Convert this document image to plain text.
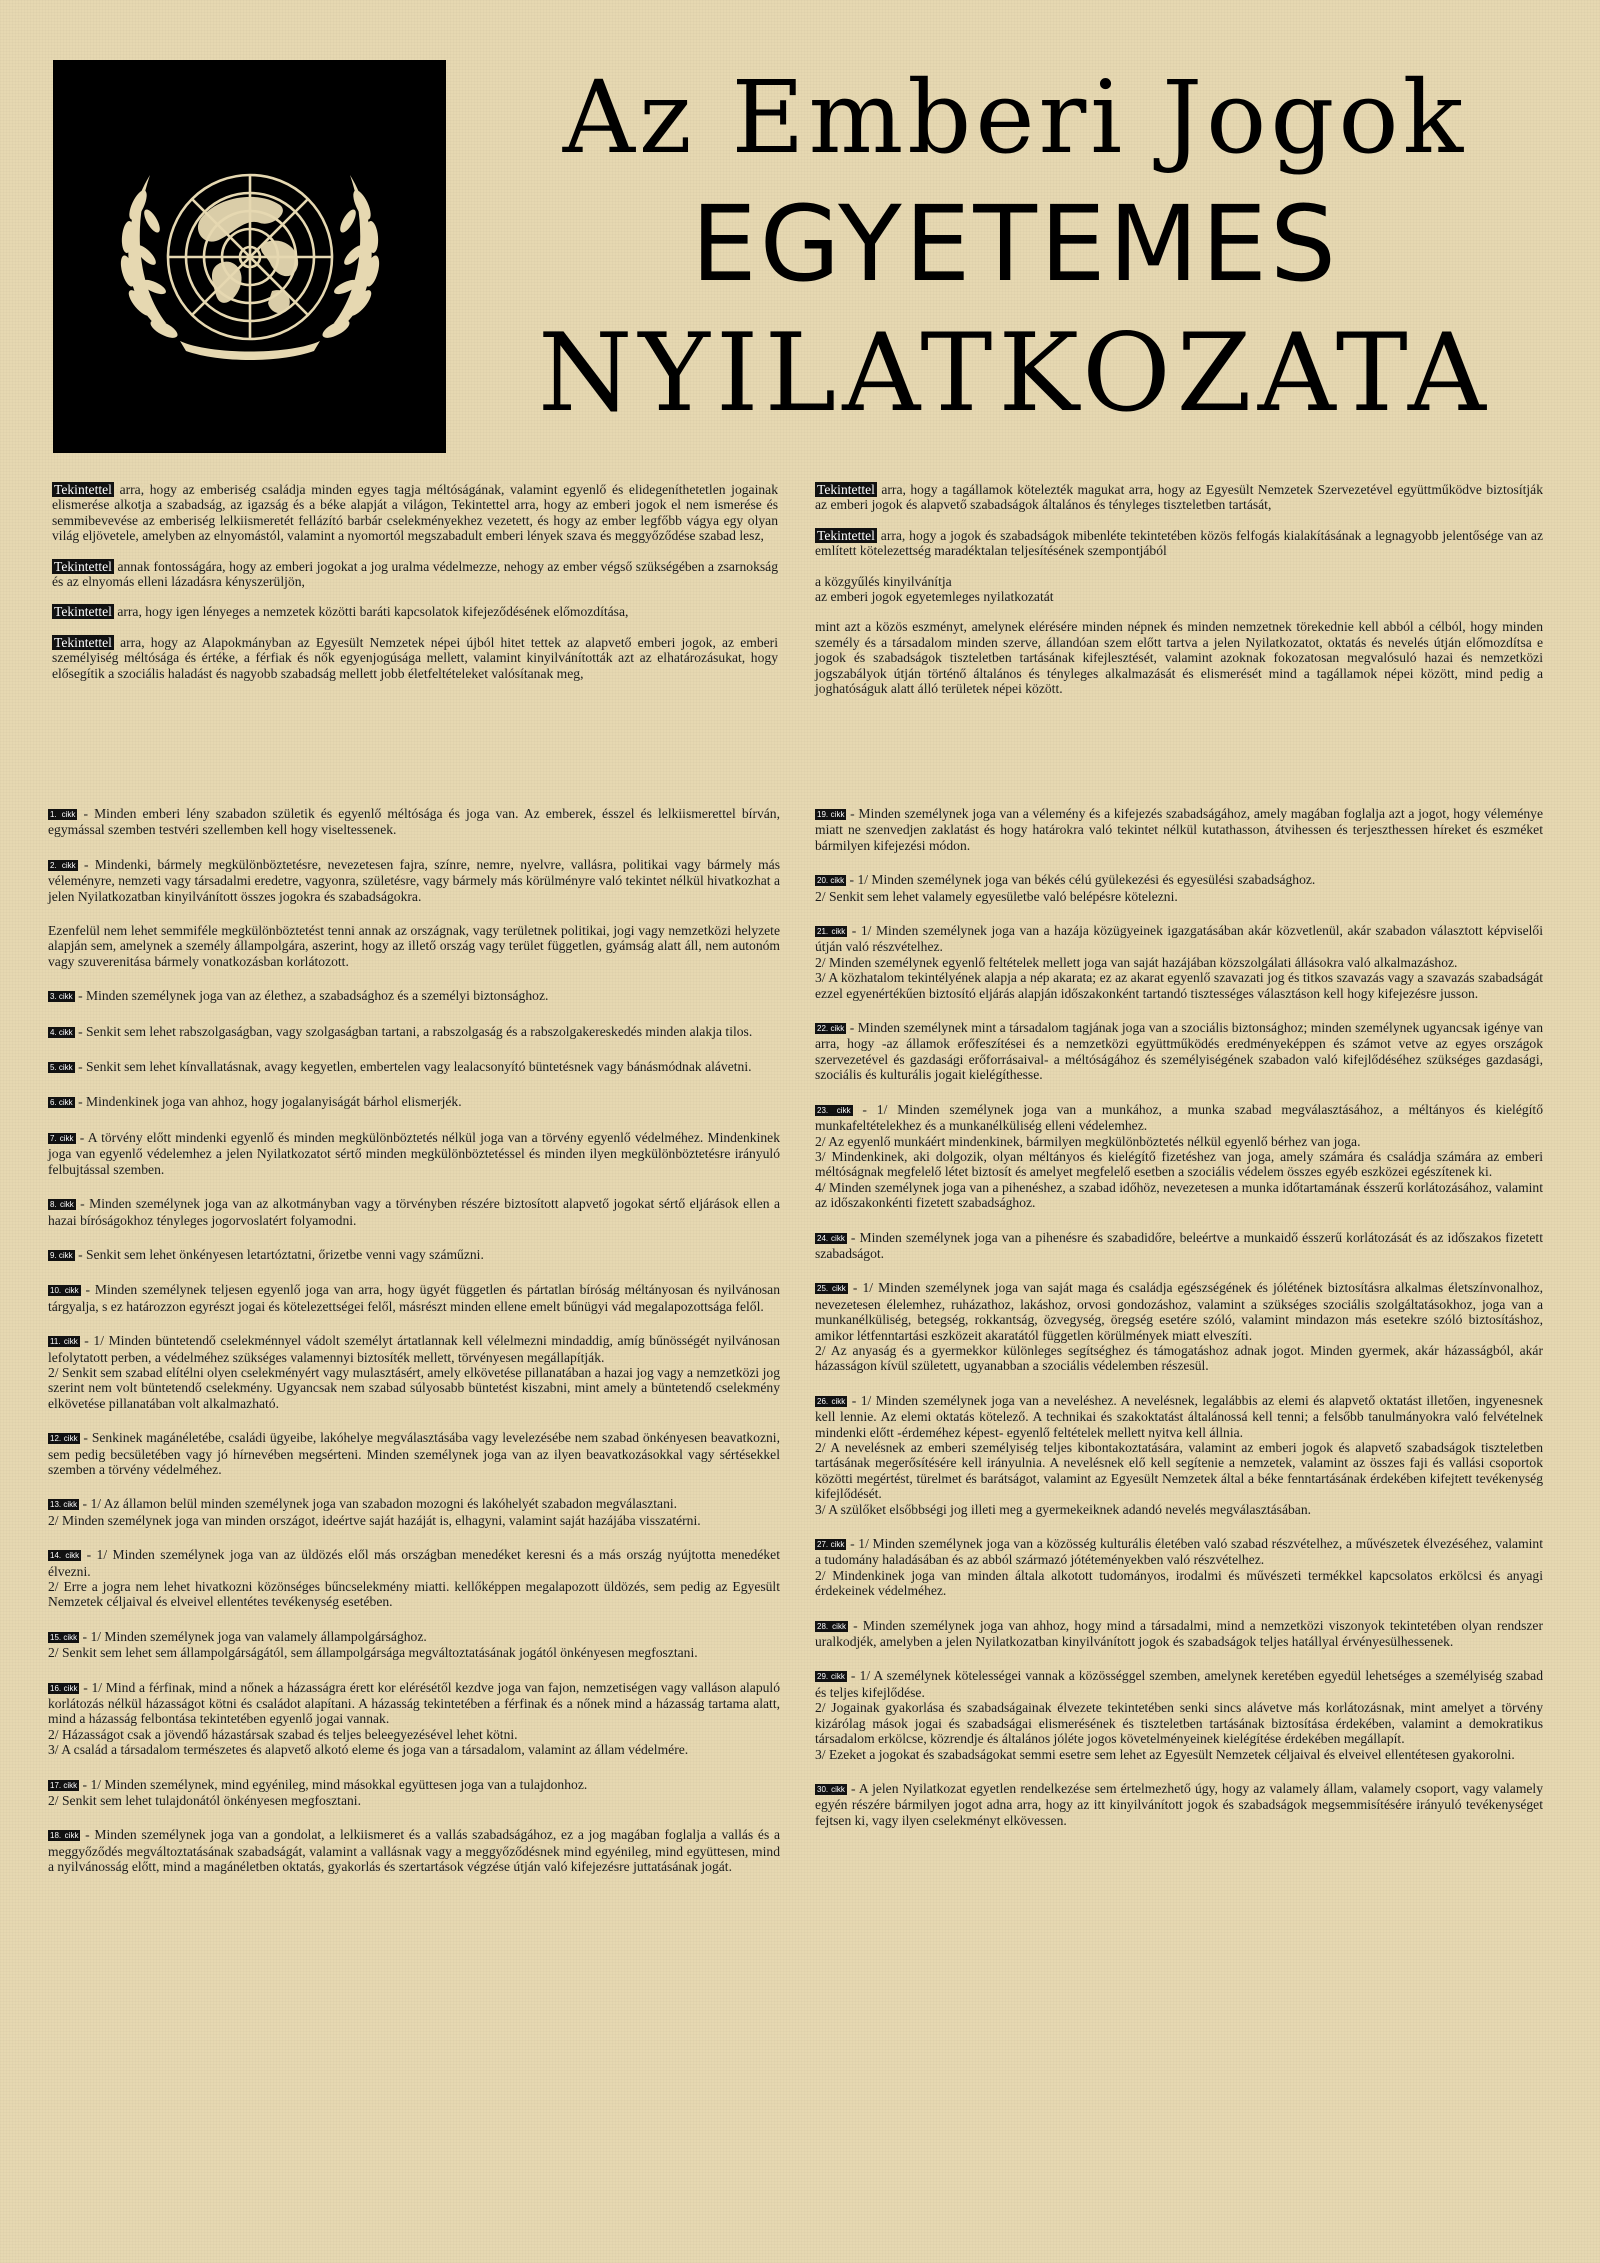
Az Emberi Jogok
EGYETEMES
NYILATKOZATA

Tekintettel arra, hogy az emberiség családja minden egyes tagja méltóságának, valamint egyenlő és elidegeníthetetlen jogainak elismerése alkotja a szabadság, az igazság és a béke alapját a világon, Tekintettel arra, hogy az emberi jogok el nem ismerése és semmibevevése az emberiség lelkiismeretét fellázító barbár cselekményekhez vezetett, és hogy az ember legfőbb vágya egy olyan világ eljövetele, amelyben az elnyomástól, valamint a nyomortól megszabadult emberi lények szava és meggyőződése szabad lesz,

Tekintettel annak fontosságára, hogy az emberi jogokat a jog uralma védelmezze, nehogy az ember végső szükségében a zsarnokság és az elnyomás elleni lázadásra kényszerüljön,

Tekintettel arra, hogy igen lényeges a nemzetek közötti baráti kapcsolatok kifejeződésének előmozdítása,

Tekintettel arra, hogy az Alapokmányban az Egyesült Nemzetek népei újból hitet tettek az alapvető emberi jogok, az emberi személyiség méltósága és értéke, a férfiak és nők egyenjogúsága mellett, valamint kinyilvánították azt az elhatározásukat, hogy elősegítik a szociális haladást és nagyobb szabadság mellett jobb életfeltételeket valósítanak meg,

Tekintettel arra, hogy a tagállamok kötelezték magukat arra, hogy az Egyesült Nemzetek Szervezetével együttműködve biztosítják az emberi jogok és alapvető szabadságok általános és tényleges tiszteletben tartását,

Tekintettel arra, hogy a jogok és szabadságok mibenléte tekintetében közös felfogás kialakításának a legnagyobb jelentősége van az említett kötelezettség maradéktalan teljesítésének szempontjából

a közgyűlés kinyilvánítja
az emberi jogok egyetemleges nyilatkozatát

mint azt a közös eszményt, amelynek elérésére minden népnek és minden nemzetnek törekednie kell abból a célból, hogy minden személy és a társadalom minden szerve, állandóan szem előtt tartva a jelen Nyilatkozatot, oktatás és nevelés útján előmozdítsa e jogok és szabadságok tiszteletben tartásának kifejlesztését, valamint azoknak fokozatosan megvalósuló hazai és nemzetközi jogszabályok útján történő általános és tényleges alkalmazását és elismerését mind a tagállamok népei között, mind pedig a joghatóságuk alatt álló területek népei között.

1. cikk - Minden emberi lény szabadon születik és egyenlő méltósága és joga van. Az emberek, ésszel és lelkiismerettel bírván, egymással szemben testvéri szellemben kell hogy viseltessenek.

2. cikk - Mindenki, bármely megkülönböztetésre, nevezetesen fajra, színre, nemre, nyelvre, vallásra, politikai vagy bármely más véleményre, nemzeti vagy társadalmi eredetre, vagyonra, születésre, vagy bármely más körülményre való tekintet nélkül hivatkozhat a jelen Nyilatkozatban kinyilvánított összes jogokra és szabadságokra.

Ezenfelül nem lehet semmiféle megkülönböztetést tenni annak az országnak, vagy területnek politikai, jogi vagy nemzetközi helyzete alapján sem, amelynek a személy állampolgára, aszerint, hogy az illető ország vagy terület független, gyámság alatt áll, nem autonóm vagy szuverenitása bármely vonatkozásban korlátozott.

3. cikk - Minden személynek joga van az élethez, a szabadsághoz és a személyi biztonsághoz.

4. cikk - Senkit sem lehet rabszolgaságban, vagy szolgaságban tartani, a rabszolgaság és a rabszolgakereskedés minden alakja tilos.

5. cikk - Senkit sem lehet kínvallatásnak, avagy kegyetlen, embertelen vagy lealacsonyító büntetésnek vagy bánásmódnak alávetni.

6. cikk - Mindenkinek joga van ahhoz, hogy jogalanyiságát bárhol elismerjék.

7. cikk - A törvény előtt mindenki egyenlő és minden megkülönböztetés nélkül joga van a törvény egyenlő védelméhez. Mindenkinek joga van egyenlő védelemhez a jelen Nyilatkozatot sértő minden megkülönböztetéssel és minden ilyen megkülönböztetésre irányuló felbujtással szemben.

8. cikk - Minden személynek joga van az alkotmányban vagy a törvényben részére biztosított alapvető jogokat sértő eljárások ellen a hazai bíróságokhoz tényleges jogorvoslatért folyamodni.

9. cikk - Senkit sem lehet önkényesen letartóztatni, őrizetbe venni vagy száműzni.

10. cikk - Minden személynek teljesen egyenlő joga van arra, hogy ügyét független és pártatlan bíróság méltányosan és nyilvánosan tárgyalja, s ez határozzon egyrészt jogai és kötelezettségei felől, másrészt minden ellene emelt bűnügyi vád megalapozottsága felől.

11. cikk - 1/ Minden büntetendő cselekménnyel vádolt személyt ártatlannak kell vélelmezni mindaddig, amíg bűnösségét nyilvánosan lefolytatott perben, a védelméhez szükséges valamennyi biztosíték mellett, törvényesen megállapítják.
2/ Senkit sem szabad elítélni olyen cselekményért vagy mulasztásért, amely elkövetése pillanatában a hazai jog vagy a nemzetközi jog szerint nem volt büntetendő cselekmény. Ugyancsak nem szabad súlyosabb büntetést kiszabni, mint amely a büntetendő cselekmény elkövetése pillanatában volt alkalmazható.

12. cikk - Senkinek magánéletébe, családi ügyeibe, lakóhelye megválasztásába vagy levelezésébe nem szabad önkényesen beavatkozni, sem pedig becsületében vagy jó hírnevében megsérteni. Minden személynek joga van az ilyen beavatkozásokkal vagy sértésekkel szemben a törvény védelméhez.

13. cikk - 1/ Az államon belül minden személynek joga van szabadon mozogni és lakóhelyét szabadon megválasztani.
2/ Minden személynek joga van minden országot, ideértve saját hazáját is, elhagyni, valamint saját hazájába visszatérni.

14. cikk - 1/ Minden személynek joga van az üldözés elől más országban menedéket keresni és a más ország nyújtotta menedéket élvezni.
2/ Erre a jogra nem lehet hivatkozni közönséges bűncselekmény miatti. kellőképpen megalapozott üldözés, sem pedig az Egyesült Nemzetek céljaival és elveivel ellentétes tevékenység esetében.

15. cikk - 1/ Minden személynek joga van valamely állampolgársághoz.
2/ Senkit sem lehet sem állampolgárságától, sem állampolgársága megváltoztatásának jogától önkényesen megfosztani.

16. cikk - 1/ Mind a férfinak, mind a nőnek a házasságra érett kor elérésétől kezdve joga van fajon, nemzetiségen vagy valláson alapuló korlátozás nélkül házasságot kötni és családot alapítani. A házasság tekintetében a férfinak és a nőnek mind a házasság tartama alatt, mind a házasság felbontása tekintetében egyenlő jogai vannak.
2/ Házasságot csak a jövendő házastársak szabad és teljes beleegyezésével lehet kötni.
3/ A család a társadalom természetes és alapvető alkotó eleme és joga van a társadalom, valamint az állam védelmére.

17. cikk - 1/ Minden személynek, mind egyénileg, mind másokkal együttesen joga van a tulajdonhoz.
2/ Senkit sem lehet tulajdonától önkényesen megfosztani.

18. cikk - Minden személynek joga van a gondolat, a lelkiismeret és a vallás szabadságához, ez a jog magában foglalja a vallás és a meggyőződés megváltoztatásának szabadságát, valamint a vallásnak vagy a meggyőződésnek mind egyénileg, mind együttesen, mind a nyilvánosság előtt, mind a magánéletben oktatás, gyakorlás és szertartások végzése útján való kifejezésre juttatásának jogát.

19. cikk - Minden személynek joga van a vélemény és a kifejezés szabadságához, amely magában foglalja azt a jogot, hogy véleménye miatt ne szenvedjen zaklatást és hogy határokra való tekintet nélkül kutathasson, átvihessen és terjeszthessen híreket és eszméket bármilyen kifejezési módon.

20. cikk - 1/ Minden személynek joga van békés célú gyülekezési és egyesülési szabadsághoz.
2/ Senkit sem lehet valamely egyesületbe való belépésre kötelezni.

21. cikk - 1/ Minden személynek joga van a hazája közügyeinek igazgatásában akár közvetlenül, akár szabadon választott képviselői útján való részvételhez.
2/ Minden személynek egyenlő feltételek mellett joga van saját hazájában közszolgálati állásokra való alkalmazáshoz.
3/ A közhatalom tekintélyének alapja a nép akarata; ez az akarat egyenlő szavazati jog és titkos szavazás vagy a szavazás szabadságát ezzel egyenértékűen biztosító eljárás alapján időszakonként tartandó tisztességes választáson kell hogy kifejezésre jusson.

22. cikk - Minden személynek mint a társadalom tagjának joga van a szociális biztonsághoz; minden személynek ugyancsak igénye van arra, hogy -az államok erőfeszítései és a nemzetközi együttműködés eredményeképpen és számot vetve az egyes országok szervezetével és gazdasági erőforrásaival- a méltóságához és személyiségének szabadon való kifejlődéséhez szükséges gazdasági, szociális és kulturális jogait kielégíthesse.

23. cikk - 1/ Minden személynek joga van a munkához, a munka szabad megválasztásához, a méltányos és kielégítő munkafeltételekhez és a munkanélküliség elleni védelemhez.
2/ Az egyenlő munkáért mindenkinek, bármilyen megkülönböztetés nélkül egyenlő bérhez van joga.
3/ Mindenkinek, aki dolgozik, olyan méltányos és kielégítő fizetéshez van joga, amely számára és családja számára az emberi méltóságnak megfelelő létet biztosít és amelyet megfelelő esetben a szociális védelem összes egyéb eszközei egészítenek ki.
4/ Minden személynek joga van a pihenéshez, a szabad időhöz, nevezetesen a munka időtartamának ésszerű korlátozásához, valamint az időszakonkénti fizetett szabadsághoz.

24. cikk - Minden személynek joga van a pihenésre és szabadidőre, beleértve a munkaidő ésszerű korlátozását és az időszakos fizetett szabadságot.

25. cikk - 1/ Minden személynek joga van saját maga és családja egészségének és jólétének biztosításra alkalmas életszínvonalhoz, nevezetesen élelemhez, ruházathoz, lakáshoz, orvosi gondozáshoz, valamint a szükséges szociális szolgáltatásokhoz, joga van a munkanélküliség, betegség, rokkantság, özvegység, öregség esetére szóló, valamint mindazon más esetekre szóló biztosításhoz, amikor létfenntartási eszközeit akaratától független körülmények miatt elveszíti.
2/ Az anyaság és a gyermekkor különleges segítséghez és támogatáshoz adnak jogot. Minden gyermek, akár házasságból, akár házasságon kívül született, ugyanabban a szociális védelemben részesül.

26. cikk - 1/ Minden személynek joga van a neveléshez. A nevelésnek, legalábbis az elemi és alapvető oktatást illetően, ingyenesnek kell lennie. Az elemi oktatás kötelező. A technikai és szakoktatást általánossá kell tenni; a felsőbb tanulmányokra való felvételnek mindenki előtt -érdeméhez képest- egyenlő feltételek mellett nyitva kell állnia.
2/ A nevelésnek az emberi személyiség teljes kibontakoztatására, valamint az emberi jogok és alapvető szabadságok tiszteletben tartásának megerősítésére kell irányulnia. A nevelésnek elő kell segítenie a nemzetek, valamint az összes faji és vallási csoportok közötti megértést, türelmet és barátságot, valamint az Egyesült Nemzetek által a béke fenntartásának érdekében kifejtett tevékenység kifejlődését.
3/ A szülőket elsőbbségi jog illeti meg a gyermekeiknek adandó nevelés megválasztásában.

27. cikk - 1/ Minden személynek joga van a közösség kulturális életében való szabad részvételhez, a művészetek élvezéséhez, valamint a tudomány haladásában és az abból származó jótéteményekben való részvételhez.
2/ Mindenkinek joga van minden általa alkotott tudományos, irodalmi és művészeti termékkel kapcsolatos erkölcsi és anyagi érdekeinek védelméhez.

28. cikk - Minden személynek joga van ahhoz, hogy mind a társadalmi, mind a nemzetközi viszonyok tekintetében olyan rendszer uralkodjék, amelyben a jelen Nyilatkozatban kinyilvánított jogok és szabadságok teljes hatállyal érvényesülhessenek.

29. cikk - 1/ A személynek kötelességei vannak a közösséggel szemben, amelynek keretében egyedül lehetséges a személyiség szabad és teljes kifejlődése.
2/ Jogainak gyakorlása és szabadságainak élvezete tekintetében senki sincs alávetve más korlátozásnak, mint amelyet a törvény kizárólag mások jogai és szabadságai elismerésének és tiszteletben tartásának biztosítása érdekében, valamint a demokratikus társadalom erkölcse, közrendje és általános jóléte jogos követelményeinek kielégítése érdekében megállapít.
3/ Ezeket a jogokat és szabadságokat semmi esetre sem lehet az Egyesült Nemzetek céljaival és elveivel ellentétesen gyakorolni.

30. cikk - A jelen Nyilatkozat egyetlen rendelkezése sem értelmezhető úgy, hogy az valamely állam, valamely csoport, vagy valamely egyén részére bármilyen jogot adna arra, hogy az itt kinyilvánított jogok és szabadságok megsemmisítésére irányuló tevékenységet fejtsen ki, vagy ilyen cselekményt elkövessen.
